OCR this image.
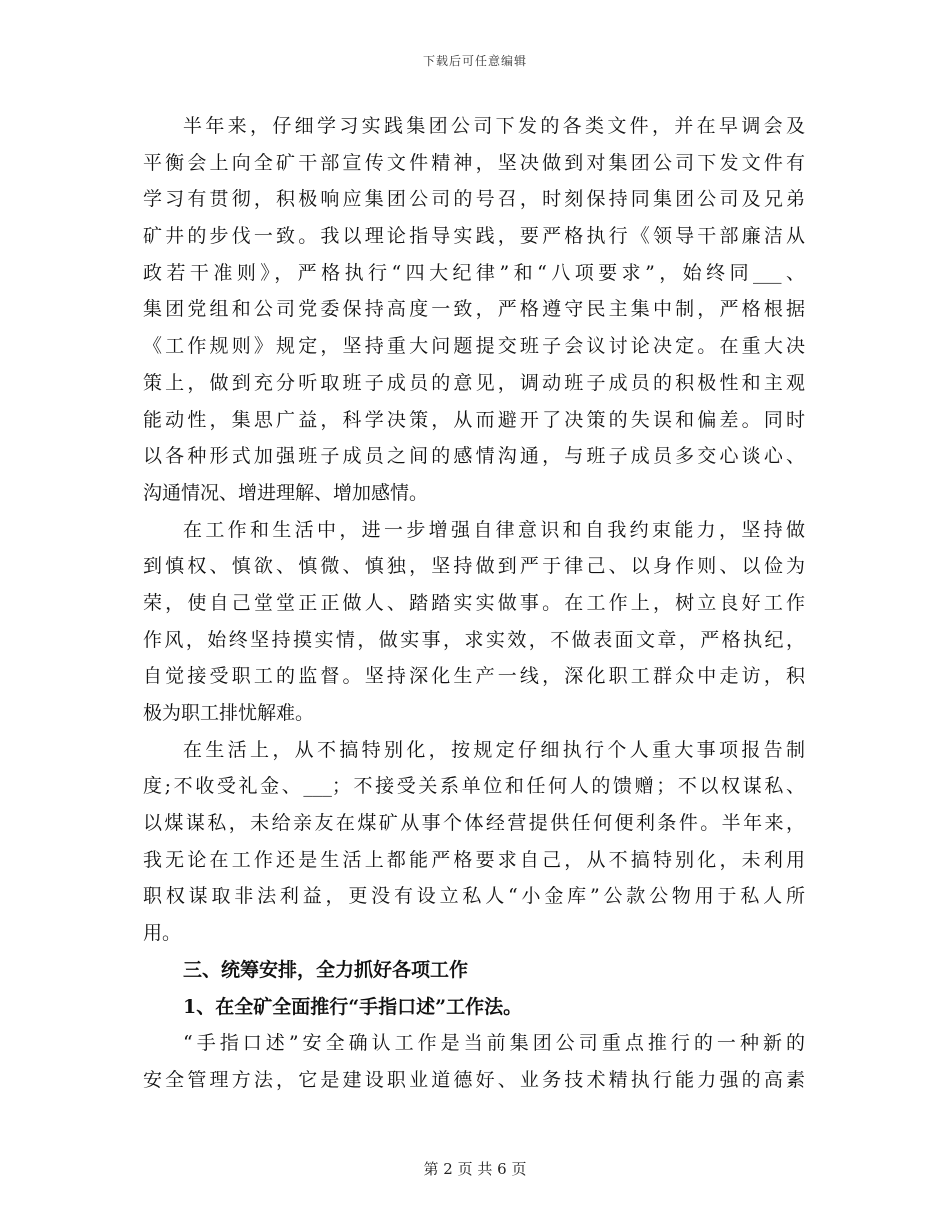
下载后可任意编辑
半年来，仔细学习实践集团公司下发的各类文件，并在早调会及
平衡会上向全矿干部宣传文件精神，坚决做到对集团公司下发文件有
学习有贯彻，积极响应集团公司的号召，时刻保持同集团公司及兄弟
矿井的步伐一致。我以理论指导实践，要严格执行《领导干部廉洁从
政若干准则》，严格执行“四大纪律”和“八项要求”，始终同___、
集团党组和公司党委保持高度一致，严格遵守民主集中制，严格根据
《工作规则》规定，坚持重大问题提交班子会议讨论决定。在重大决
策上，做到充分听取班子成员的意见，调动班子成员的积极性和主观
能动性，集思广益，科学决策，从而避开了决策的失误和偏差。同时
以各种形式加强班子成员之间的感情沟通，与班子成员多交心谈心、
沟通情况、增进理解、增加感情。
在工作和生活中，进一步增强自律意识和自我约束能力，坚持做
到慎权、慎欲、慎微、慎独，坚持做到严于律己、以身作则、以俭为
荣，使自己堂堂正正做人、踏踏实实做事。在工作上，树立良好工作
作风，始终坚持摸实情，做实事，求实效，不做表面文章，严格执纪，
自觉接受职工的监督。坚持深化生产一线，深化职工群众中走访，积
极为职工排忧解难。
在生活上，从不搞特别化，按规定仔细执行个人重大事项报告制
度;不收受礼金、___；不接受关系单位和任何人的馈赠；不以权谋私、
以煤谋私，未给亲友在煤矿从事个体经营提供任何便利条件。半年来，
我无论在工作还是生活上都能严格要求自己，从不搞特别化，未利用
职权谋取非法利益，更没有设立私人“小金库”公款公物用于私人所
用。
三、统筹安排，全力抓好各项工作
1、在全矿全面推行“手指口述”工作法。
“手指口述”安全确认工作是当前集团公司重点推行的一种新的
安全管理方法，它是建设职业道德好、业务技术精执行能力强的高素
第 2 页 共 6 页
